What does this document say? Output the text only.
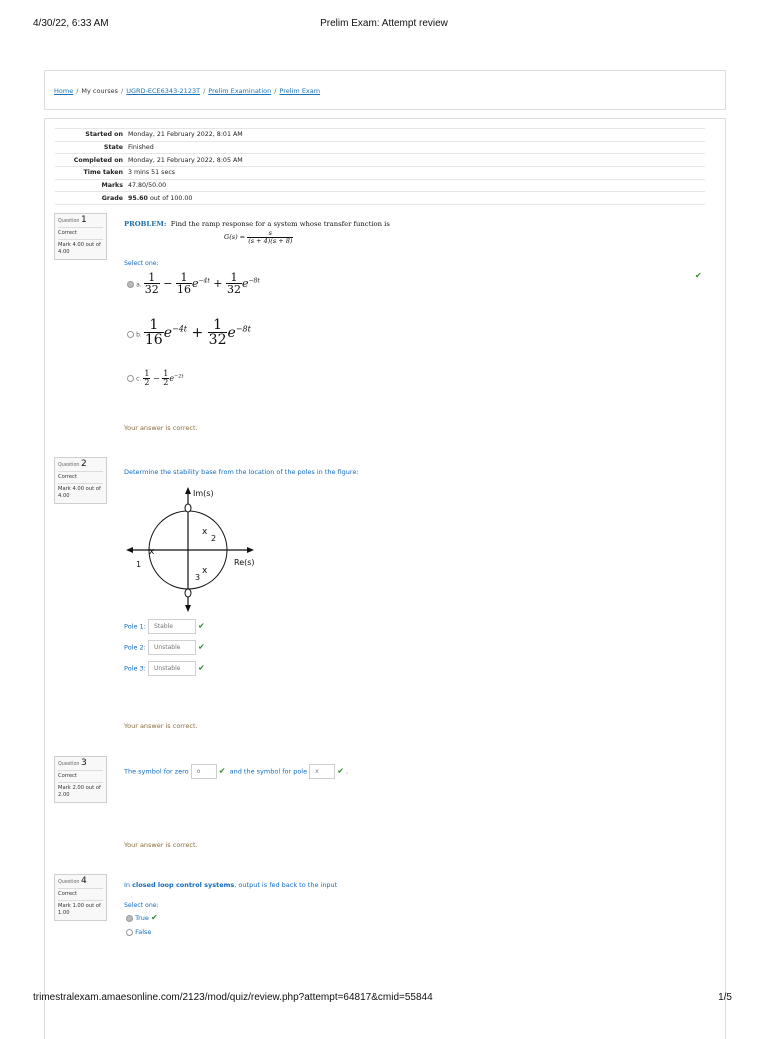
4/30/22, 6:33 AM	Prelim Exam: Attempt review
Home / My courses / UGRD-ECE6343-2123T / Prelim Examination / Prelim Exam
Started on	Monday, 21 February 2022, 8:01 AM
State	Finished
Completed on	Monday, 21 February 2022, 8:05 AM
Time taken	3 mins 51 secs
Marks	47.80/50.00
Grade	95.60 out of 100.00
Question 1
Correct
Mark 4.00 out of 4.00
PROBLEM: Find the ramp response for a system whose transfer function is
$G(s) = \frac{s}{(s + 4)(s + 8)}$
Select one:
a. $\frac{1}{32} - \frac{1}{16} e^{-4t} + \frac{1}{32} e^{-8t}$
b. $\frac{1}{16} e^{-4t} + \frac{1}{32} e^{-8t}$
c. $\frac{1}{2} - \frac{1}{2} e^{-2t}$
✔
Your answer is correct.
Question 2
Correct
Mark 4.00 out of 4.00
Determine the stability base from the location of the poles in the figure:
x
x
x
Im(s)
Re(s)
1
2
3
Pole 1: Stable	✔
Pole 2: Unstable ✔
Pole 3: Unstable ✔
Your answer is correct.
Question 3
Correct
Mark 2.00 out of 2.00
The symbol for zero o ✔ and the symbol for pole x ✔ .
Your answer is correct.
Question 4
Correct
Mark 1.00 out of 1.00
In closed loop control systems, output is fed back to the input
Select one:
True ✔
False
trimestralexam.amaesonline.com/2123/mod/quiz/review.php?attempt=64817&cmid=55844	1/5
